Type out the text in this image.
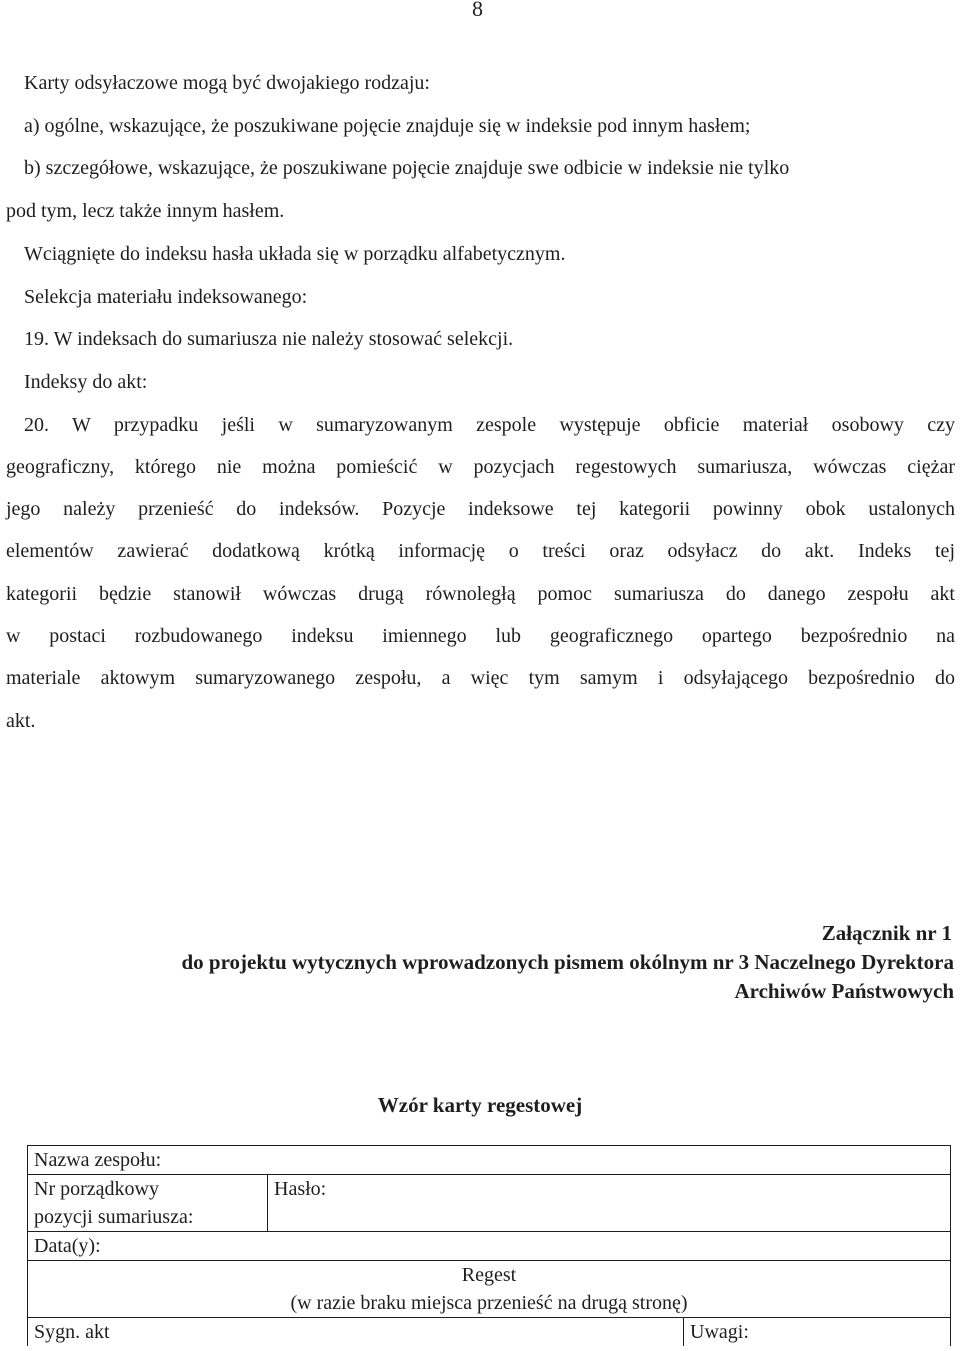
8
Karty odsyłaczowe mogą być dwojakiego rodzaju:
a) ogólne, wskazujące, że poszukiwane pojęcie znajduje się w indeksie pod innym hasłem;
b) szczegółowe, wskazujące, że poszukiwane pojęcie znajduje swe odbicie w indeksie nie tylko
pod tym, lecz także innym hasłem.
Wciągnięte do indeksu hasła układa się w porządku alfabetycznym.
Selekcja materiału indeksowanego:
19. W indeksach do sumariusza nie należy stosować selekcji.
Indeksy do akt:
20. W przypadku jeśli w sumaryzowanym zespole występuje obficie materiał osobowy czy
geograficzny, którego nie można pomieścić w pozycjach regestowych sumariusza, wówczas ciężar
jego należy przenieść do indeksów. Pozycje indeksowe tej kategorii powinny obok ustalonych
elementów zawierać dodatkową krótką informację o treści oraz odsyłacz do akt. Indeks tej
kategorii będzie stanowił wówczas drugą równoległą pomoc sumariusza do danego zespołu akt
w postaci rozbudowanego indeksu imiennego lub geograficznego opartego bezpośrednio na
materiale aktowym sumaryzowanego zespołu, a więc tym samym i odsyłającego bezpośrednio do
akt.
Załącznik nr 1
do projektu wytycznych wprowadzonych pismem okólnym nr 3 Naczelnego Dyrektora
Archiwów Państwowych
Wzór karty regestowej
Nazwa zespołu:		

Nr porządkowy
pozycji sumariusza:	Hasło:	
Data(y):		

Regest
(w razie braku miejsca przenieść na drugą stronę)		

Sygn. akt		Uwagi:
